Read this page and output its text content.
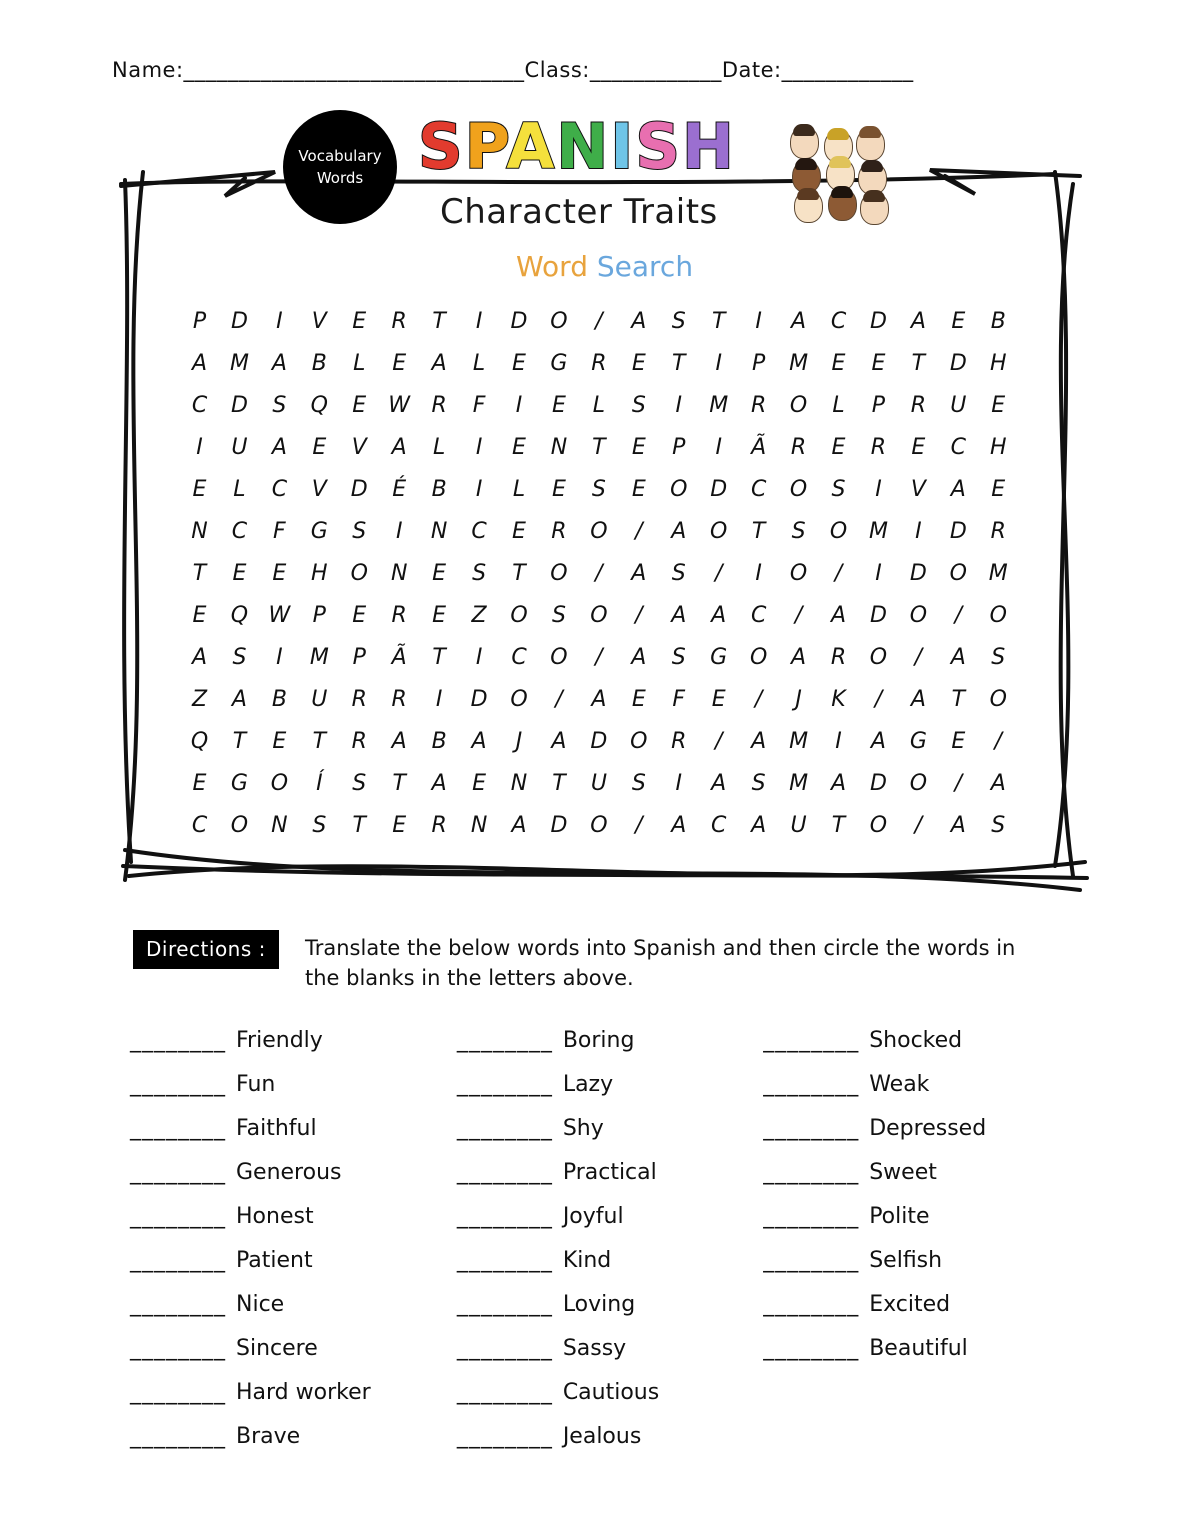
Name:_______________________________Class:____________Date:____________
Vocabulary
Words SPANISH
Character Traits
Word Search
P	D	I	V E R	T	I	D O	/	A S	T	I	A C D A E B
A M A B	L	E A	L	E G R E	T	I	P	M E E	T	D H
C D S Q E W R	F	I	E	L	S	I	M R O	L	P	R U E
I	U A E V A	L	I	E N	T	E	P	I	Ã R E R E C H
E	L	C V D É B	I	L	E S E O D C O S	I	V A E
N C	F	G S	I	N C E R O	/	A O	T	S O M	I	D R
T	E E H O N E S	T	O	/	A S	/	I	O	/	I	D O M
E Q W	P	E R E Z O S O	/	A A C	/	A D O	/	O
A S	I	M	P	Ã	T	I	C O	/	A S G O A R O	/	A S
Z A B U R R	I	D O	/	A E	F	E	/	J	K	/	A	T	O
Q	T	E	T	R A B A	J	A D O R	/	A M	I	A G E	/
E G O	Í	S	T	A E N	T	U S	I	A S M A D O	/	A
C O N S	T	E R N A D O	/	A C A U	T	O	/	A S
Directions :	Translate the below words into Spanish and then circle the words in the blanks in the letters above.
________ Friendly
________ Fun
________ Faithful
________ Generous
________ Honest
________ Patient
________ Nice
________ Sincere
________ Hard worker
________ Brave
________ Boring
________ Lazy
________ Shy
________ Practical
________ Joyful
________ Kind
________ Loving
________ Sassy
________ Cautious
________ Jealous
________ Shocked
________ Weak
________ Depressed
________ Sweet
________ Polite
________ Selfish
________ Excited
________ Beautiful
